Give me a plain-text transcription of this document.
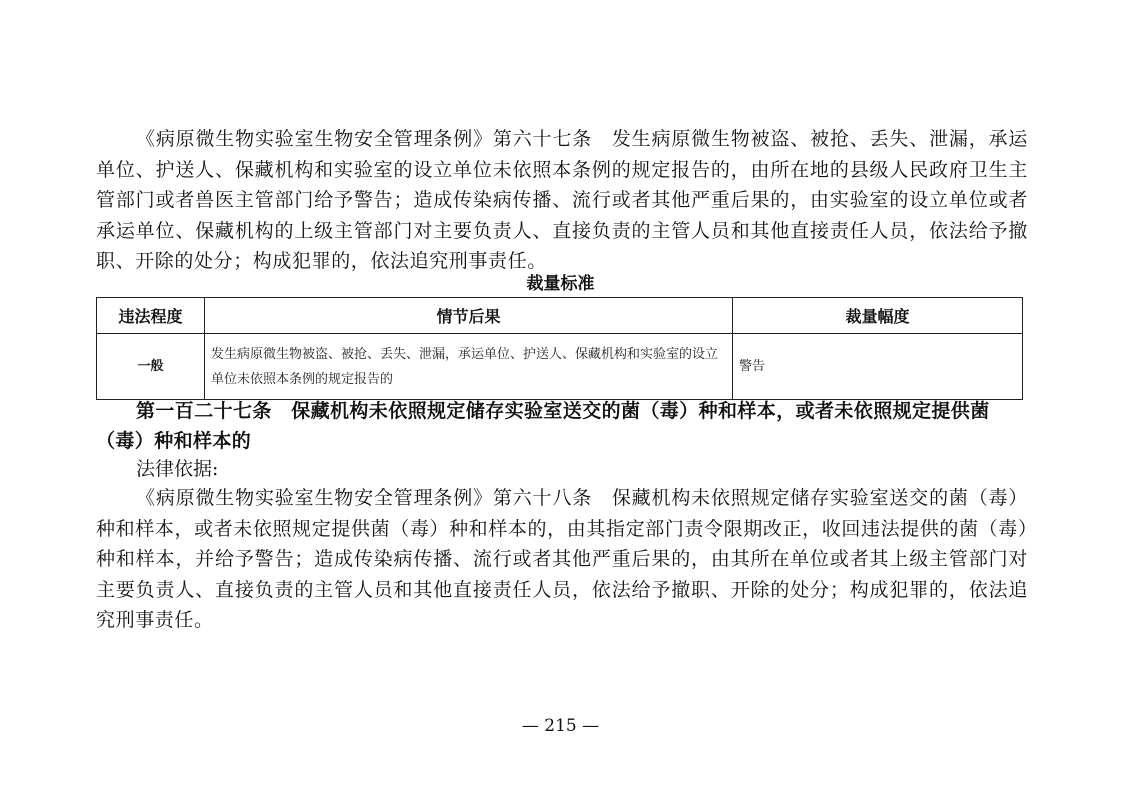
《病原微生物实验室生物安全管理条例》第六十七条　发生病原微生物被盗、被抢、丢失、泄漏，承运单位、护送人、保藏机构和实验室的设立单位未依照本条例的规定报告的，由所在地的县级人民政府卫生主管部门或者兽医主管部门给予警告；造成传染病传播、流行或者其他严重后果的，由实验室的设立单位或者承运单位、保藏机构的上级主管部门对主要负责人、直接负责的主管人员和其他直接责任人员，依法给予撤职、开除的处分；构成犯罪的，依法追究刑事责任。

裁量标准
违法程度	情节后果	裁量幅度
一般	发生病原微生物被盗、被抢、丢失、泄漏，承运单位、护送人、保藏机构和实验室的设立单位未依照本条例的规定报告的	警告

第一百二十七条　保藏机构未依照规定储存实验室送交的菌（毒）种和样本，或者未依照规定提供菌（毒）种和样本的

法律依据:

《病原微生物实验室生物安全管理条例》第六十八条　保藏机构未依照规定储存实验室送交的菌（毒）种和样本，或者未依照规定提供菌（毒）种和样本的，由其指定部门责令限期改正，收回违法提供的菌（毒）种和样本，并给予警告；造成传染病传播、流行或者其他严重后果的，由其所在单位或者其上级主管部门对主要负责人、直接负责的主管人员和其他直接责任人员，依法给予撤职、开除的处分；构成犯罪的，依法追究刑事责任。

— 215 —
